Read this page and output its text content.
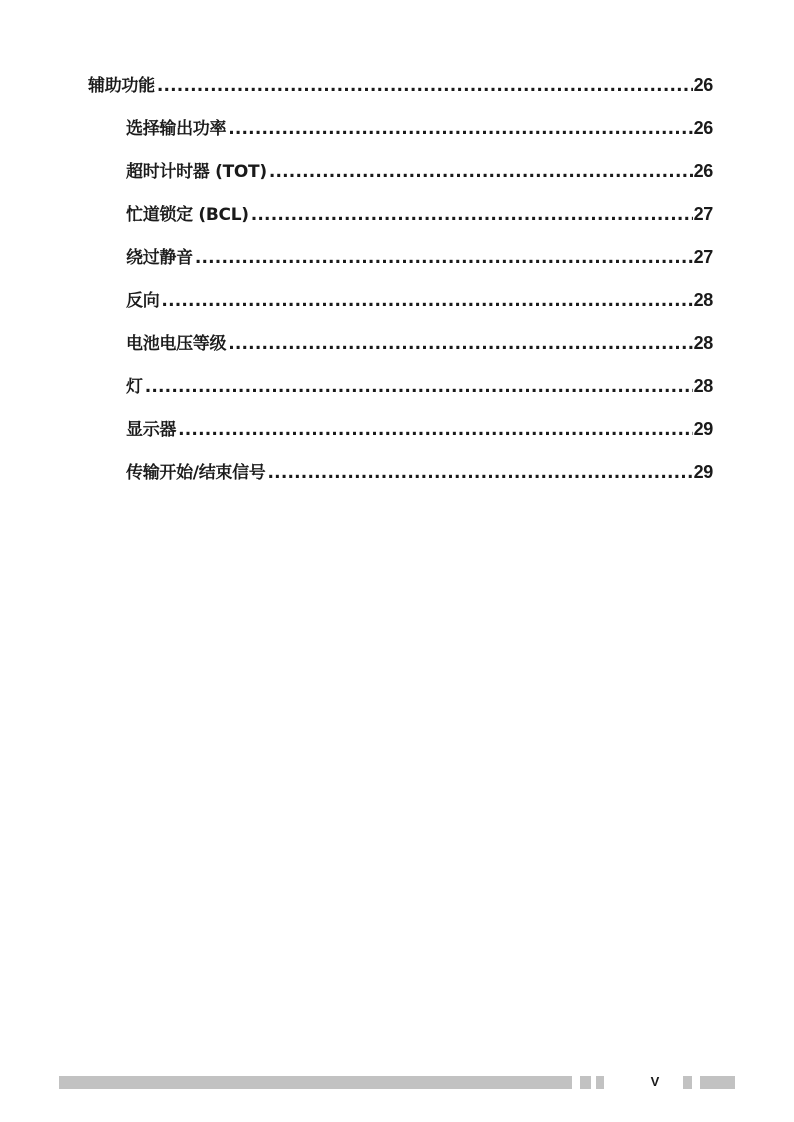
辅助功能 .....	26
选择输出功率 .....	26
超时计时器 (TOT) .....	26
忙道锁定 (BCL) .....	27
绕过静音 .....	27
反向 .....	28
电池电压等级 .....	28
灯 .....	28
显示器 .....	29
传输开始/结束信号 .....	29
V
